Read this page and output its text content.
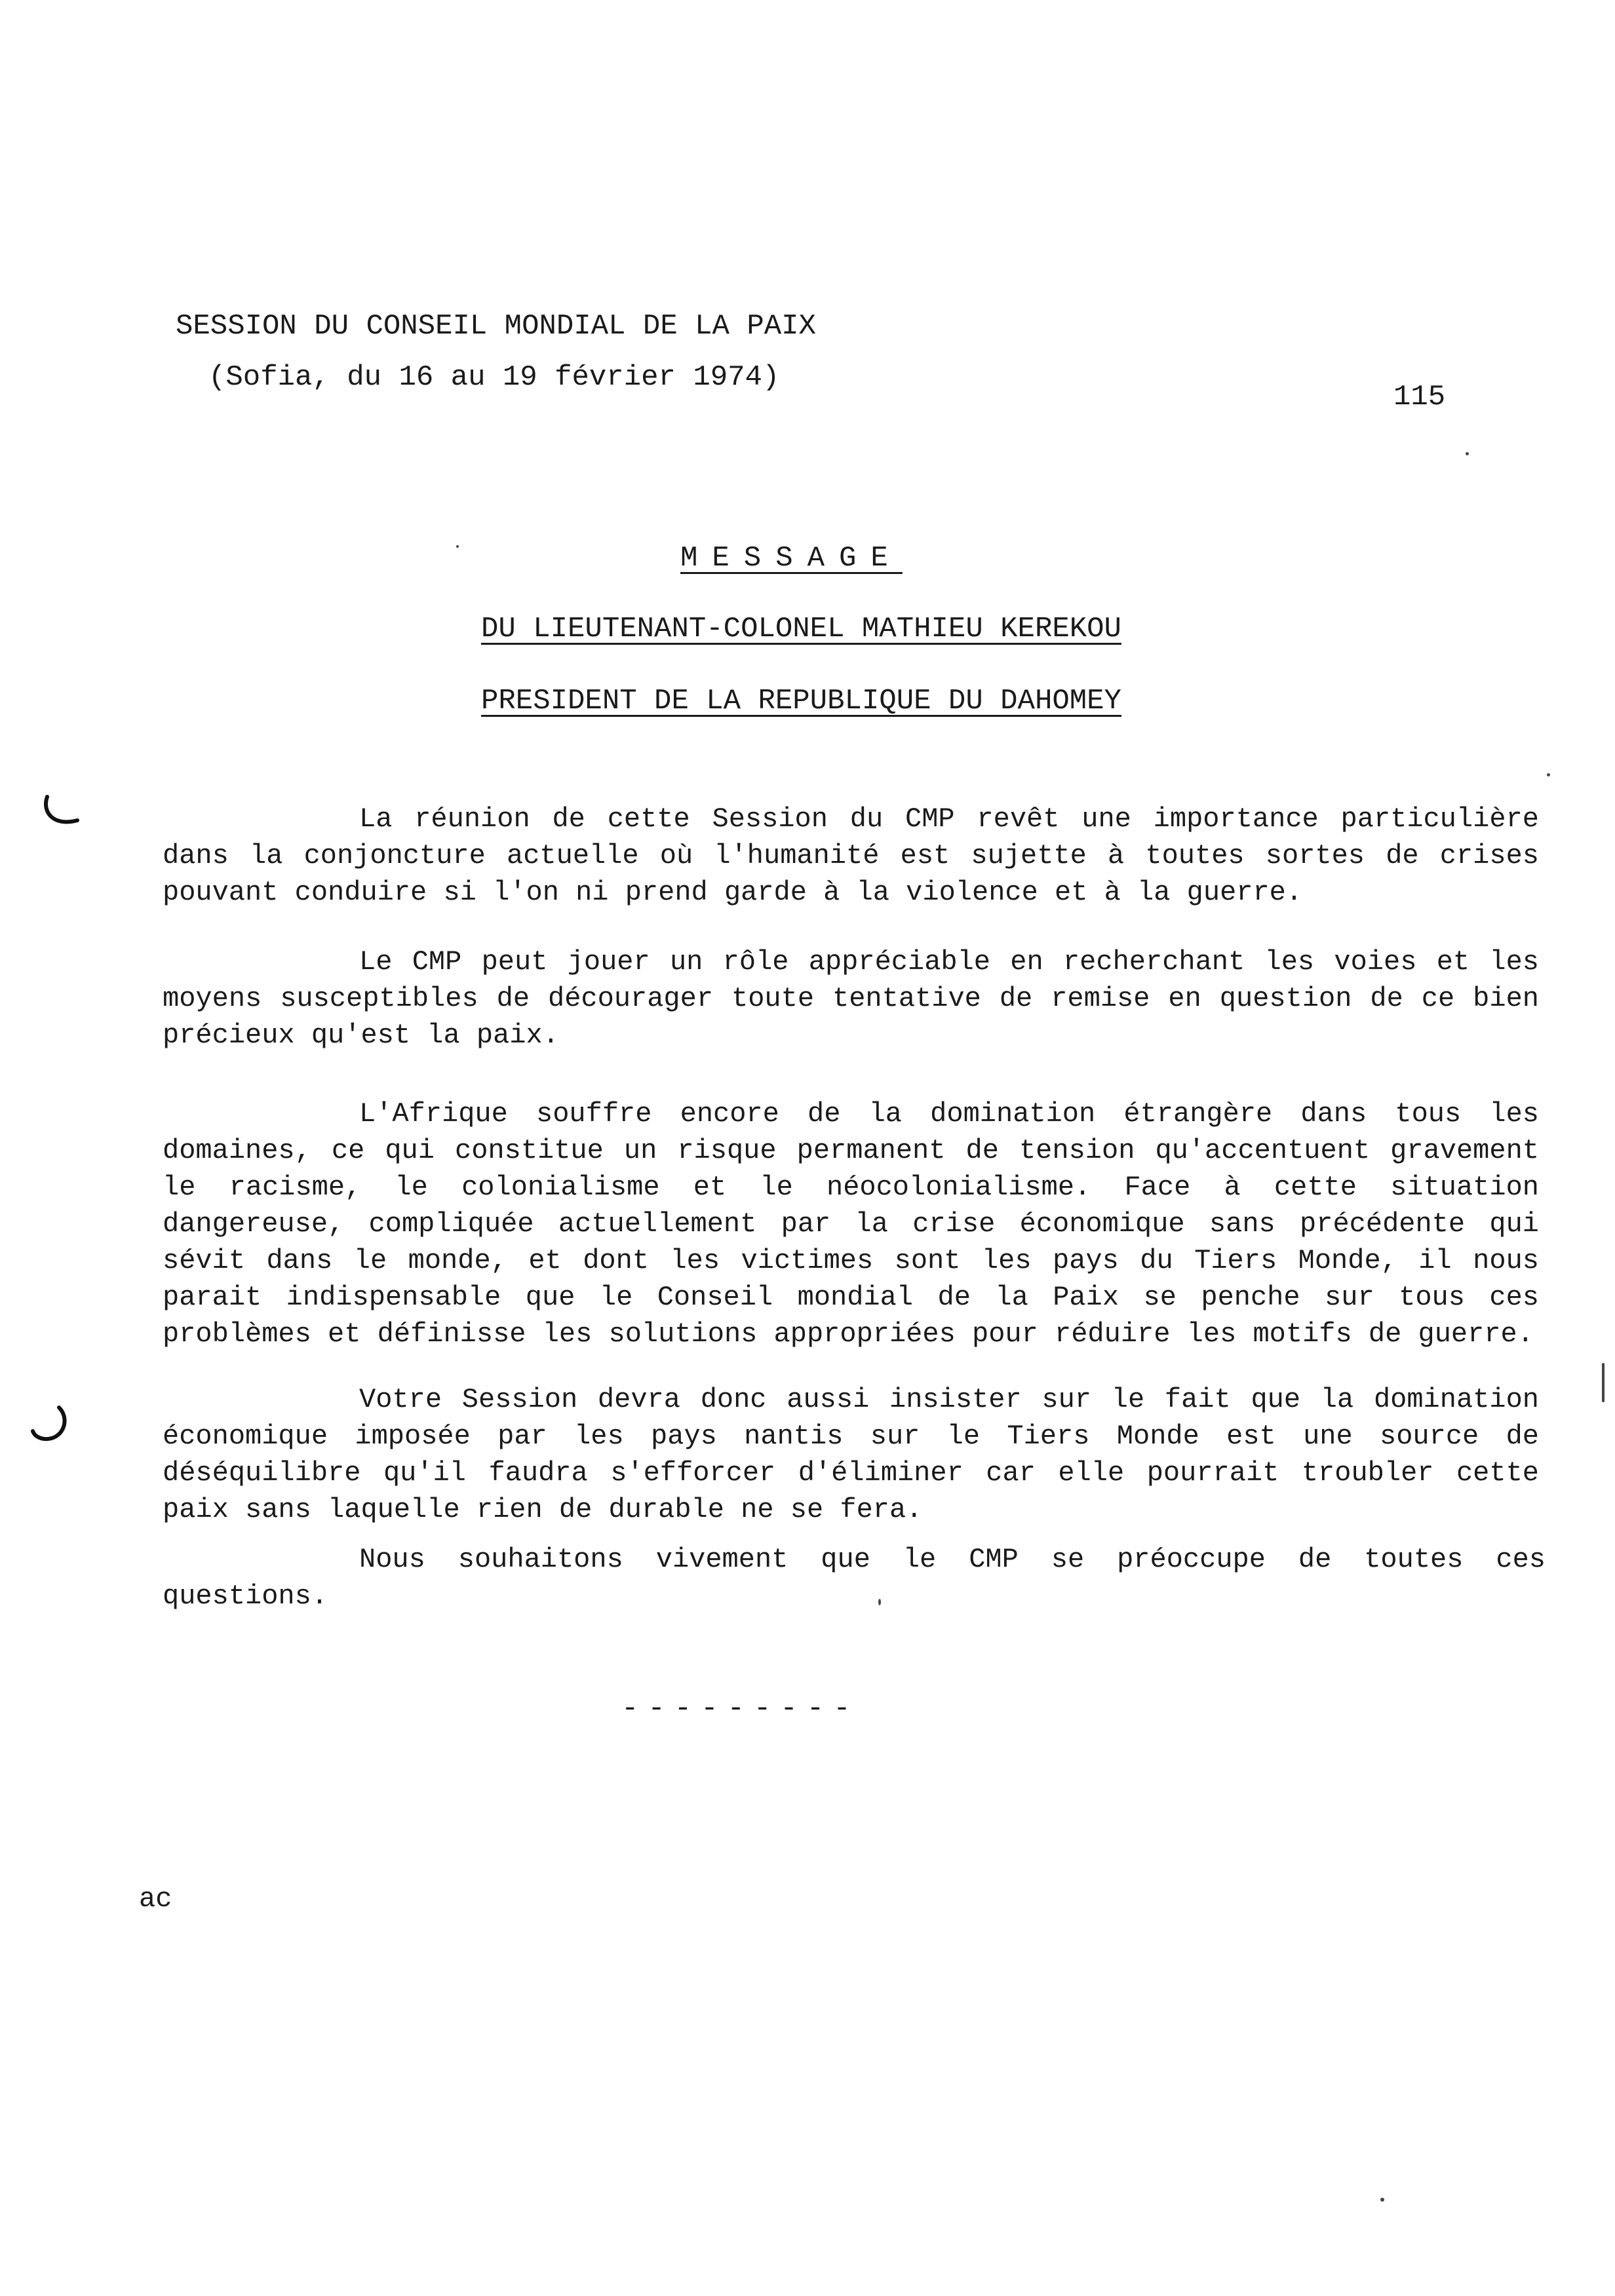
SESSION DU CONSEIL MONDIAL DE LA PAIX
(Sofia, du 16 au 19 février 1974)
115
MESSAGE
DU LIEUTENANT-COLONEL MATHIEU KEREKOU
PRESIDENT DE LA REPUBLIQUE DU DAHOMEY

La réunion de cette Session du CMP revêt une importance particulière dans la conjoncture actuelle où l'humanité est sujette à toutes sortes de crises pouvant conduire si l'on ni prend garde à la violence et à la guerre.

Le CMP peut jouer un rôle appréciable en recherchant les voies et les moyens susceptibles de décourager toute tentative de remise en question de ce bien précieux qu'est la paix.

L'Afrique souffre encore de la domination étrangère dans tous les domaines, ce qui constitue un risque permanent de tension qu'accentuent gravement le racisme, le colonialisme et le néocolonialisme. Face à cette situation dangereuse, compliquée actuellement par la crise économique sans précédente qui sévit dans le monde, et dont les victimes sont les pays du Tiers Monde, il nous parait indispensable que le Conseil mondial de la Paix se penche sur tous ces problèmes et définisse les solutions appropriées pour réduire les motifs de guerre.

Votre Session devra donc aussi insister sur le fait que la domination économique imposée par les pays nantis sur le Tiers Monde est une source de déséquilibre qu'il faudra s'efforcer d'éliminer car elle pourrait troubler cette paix sans laquelle rien de durable ne se fera.

Nous souhaitons vivement que le CMP se préoccupe de toutes ces questions.

---------
ac
